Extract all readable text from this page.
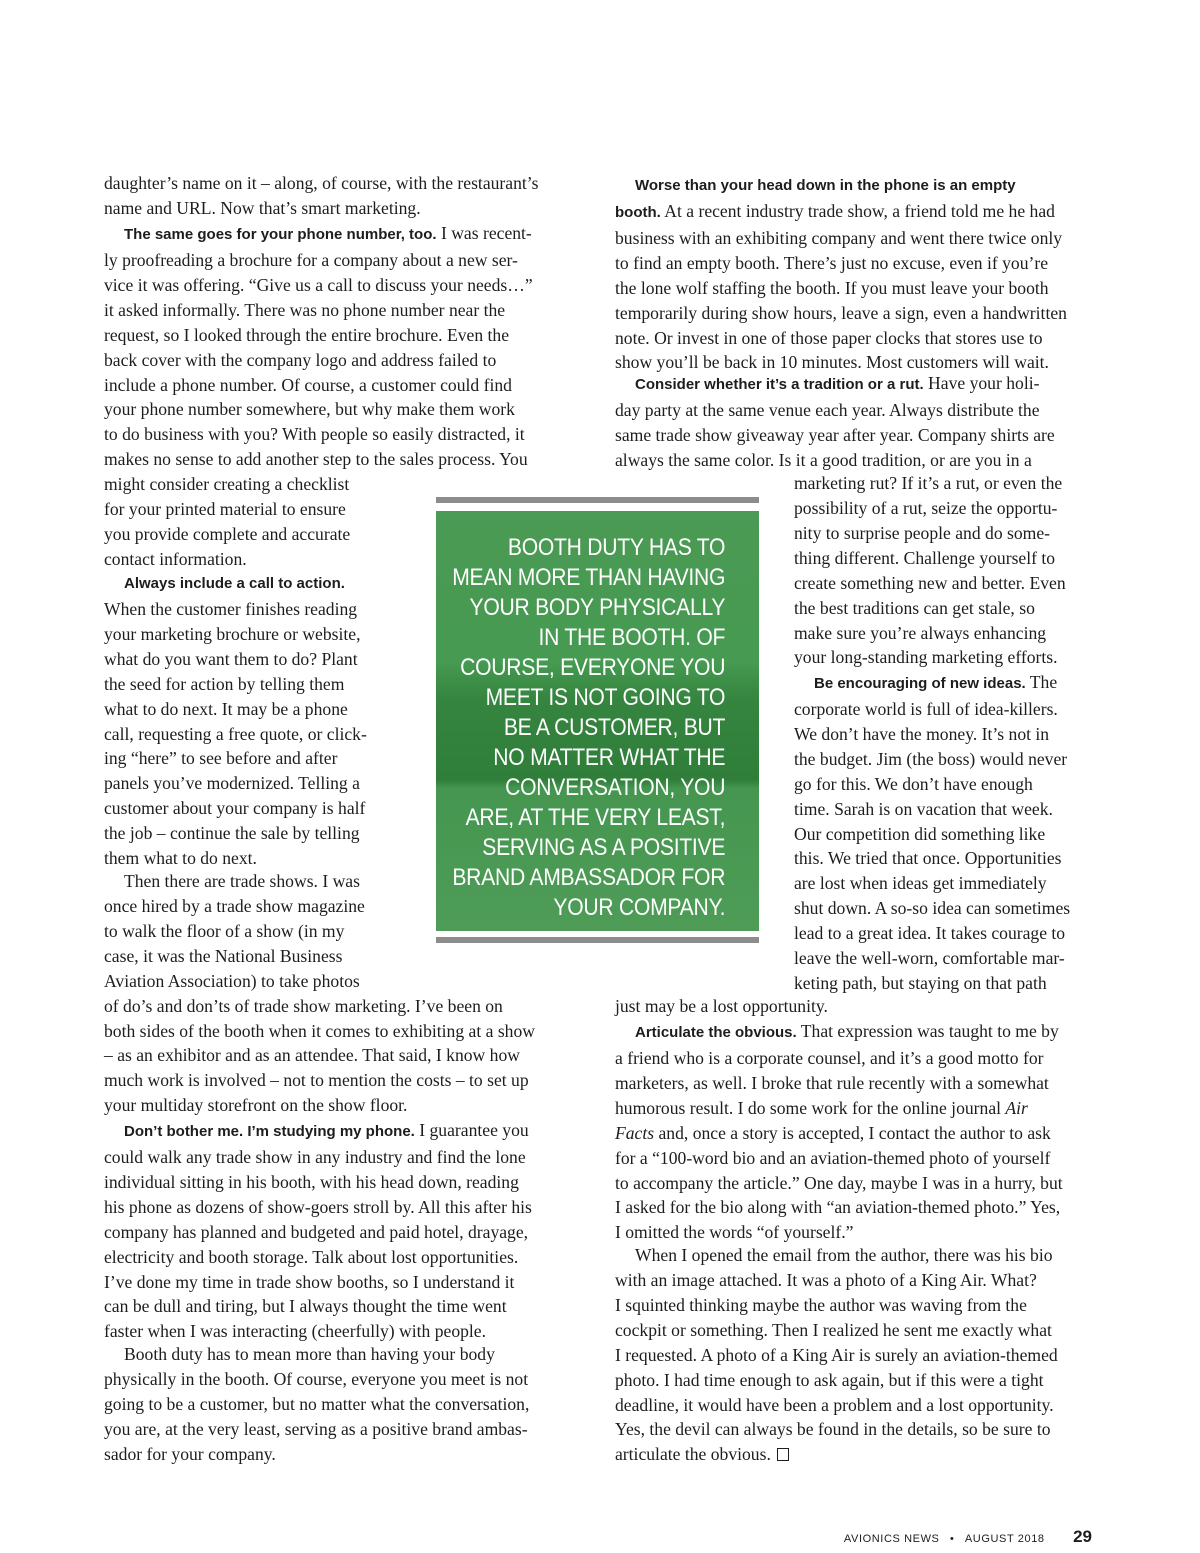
daughter’s name on it – along, of course, with the restaurant’s
name and URL. Now that’s smart marketing.

The same goes for your phone number, too. I was recent-
ly proofreading a brochure for a company about a new ser-
vice it was offering. “Give us a call to discuss your needs…”
it asked informally. There was no phone number near the
request, so I looked through the entire brochure. Even the
back cover with the company logo and address failed to
include a phone number. Of course, a customer could find
your phone number somewhere, but why make them work
to do business with you? With people so easily distracted, it
makes no sense to add another step to the sales process. You
might consider creating a checklist
for your printed material to ensure
you provide complete and accurate
contact information.

Always include a call to action.
When the customer finishes reading
your marketing brochure or website,
what do you want them to do? Plant
the seed for action by telling them
what to do next. It may be a phone
call, requesting a free quote, or click-
ing “here” to see before and after
panels you’ve modernized. Telling a
customer about your company is half
the job – continue the sale by telling
them what to do next.

Then there are trade shows. I was
once hired by a trade show magazine
to walk the floor of a show (in my
case, it was the National Business
Aviation Association) to take photos
of do’s and don’ts of trade show marketing. I’ve been on
both sides of the booth when it comes to exhibiting at a show
– as an exhibitor and as an attendee. That said, I know how
much work is involved – not to mention the costs – to set up
your multiday storefront on the show floor.

Don’t bother me. I’m studying my phone. I guarantee you
could walk any trade show in any industry and find the lone
individual sitting in his booth, with his head down, reading
his phone as dozens of show-goers stroll by. All this after his
company has planned and budgeted and paid hotel, drayage,
electricity and booth storage. Talk about lost opportunities.
I’ve done my time in trade show booths, so I understand it
can be dull and tiring, but I always thought the time went
faster when I was interacting (cheerfully) with people.

Booth duty has to mean more than having your body
physically in the booth. Of course, everyone you meet is not
going to be a customer, but no matter what the conversation,
you are, at the very least, serving as a positive brand ambas-
sador for your company.

BOOTH DUTY HAS TO
MEAN MORE THAN HAVING
YOUR BODY PHYSICALLY
IN THE BOOTH. OF
COURSE, EVERYONE YOU
MEET IS NOT GOING TO
BE A CUSTOMER, BUT
NO MATTER WHAT THE
CONVERSATION, YOU
ARE, AT THE VERY LEAST,
SERVING AS A POSITIVE
BRAND AMBASSADOR FOR
YOUR COMPANY.

Worse than your head down in the phone is an empty
booth. At a recent industry trade show, a friend told me he had
business with an exhibiting company and went there twice only
to find an empty booth. There’s just no excuse, even if you’re
the lone wolf staffing the booth. If you must leave your booth
temporarily during show hours, leave a sign, even a handwritten
note. Or invest in one of those paper clocks that stores use to
show you’ll be back in 10 minutes. Most customers will wait.

Consider whether it’s a tradition or a rut. Have your holi-
day party at the same venue each year. Always distribute the
same trade show giveaway year after year. Company shirts are
always the same color. Is it a good tradition, or are you in a

marketing rut? If it’s a rut, or even the
possibility of a rut, seize the opportu-
nity to surprise people and do some-
thing different. Challenge yourself to
create something new and better. Even
the best traditions can get stale, so
make sure you’re always enhancing
your long-standing marketing efforts.

Be encouraging of new ideas. The
corporate world is full of idea-killers.
We don’t have the money. It’s not in
the budget. Jim (the boss) would never
go for this. We don’t have enough
time. Sarah is on vacation that week.
Our competition did something like
this. We tried that once. Opportunities
are lost when ideas get immediately
shut down. A so-so idea can sometimes
lead to a great idea. It takes courage to
leave the well-worn, comfortable mar-
keting path, but staying on that path

just may be a lost opportunity.

Articulate the obvious. That expression was taught to me by
a friend who is a corporate counsel, and it’s a good motto for
marketers, as well. I broke that rule recently with a somewhat
humorous result. I do some work for the online journal Air
Facts and, once a story is accepted, I contact the author to ask
for a “100-word bio and an aviation-themed photo of yourself
to accompany the article.” One day, maybe I was in a hurry, but
I asked for the bio along with “an aviation-themed photo.” Yes,
I omitted the words “of yourself.”

When I opened the email from the author, there was his bio
with an image attached. It was a photo of a King Air. What?
I squinted thinking maybe the author was waving from the
cockpit or something. Then I realized he sent me exactly what
I requested. A photo of a King Air is surely an aviation-themed
photo. I had time enough to ask again, but if this were a tight
deadline, it would have been a problem and a lost opportunity.
Yes, the devil can always be found in the details, so be sure to
articulate the obvious.

AVIONICS NEWS • AUGUST 2018 29
